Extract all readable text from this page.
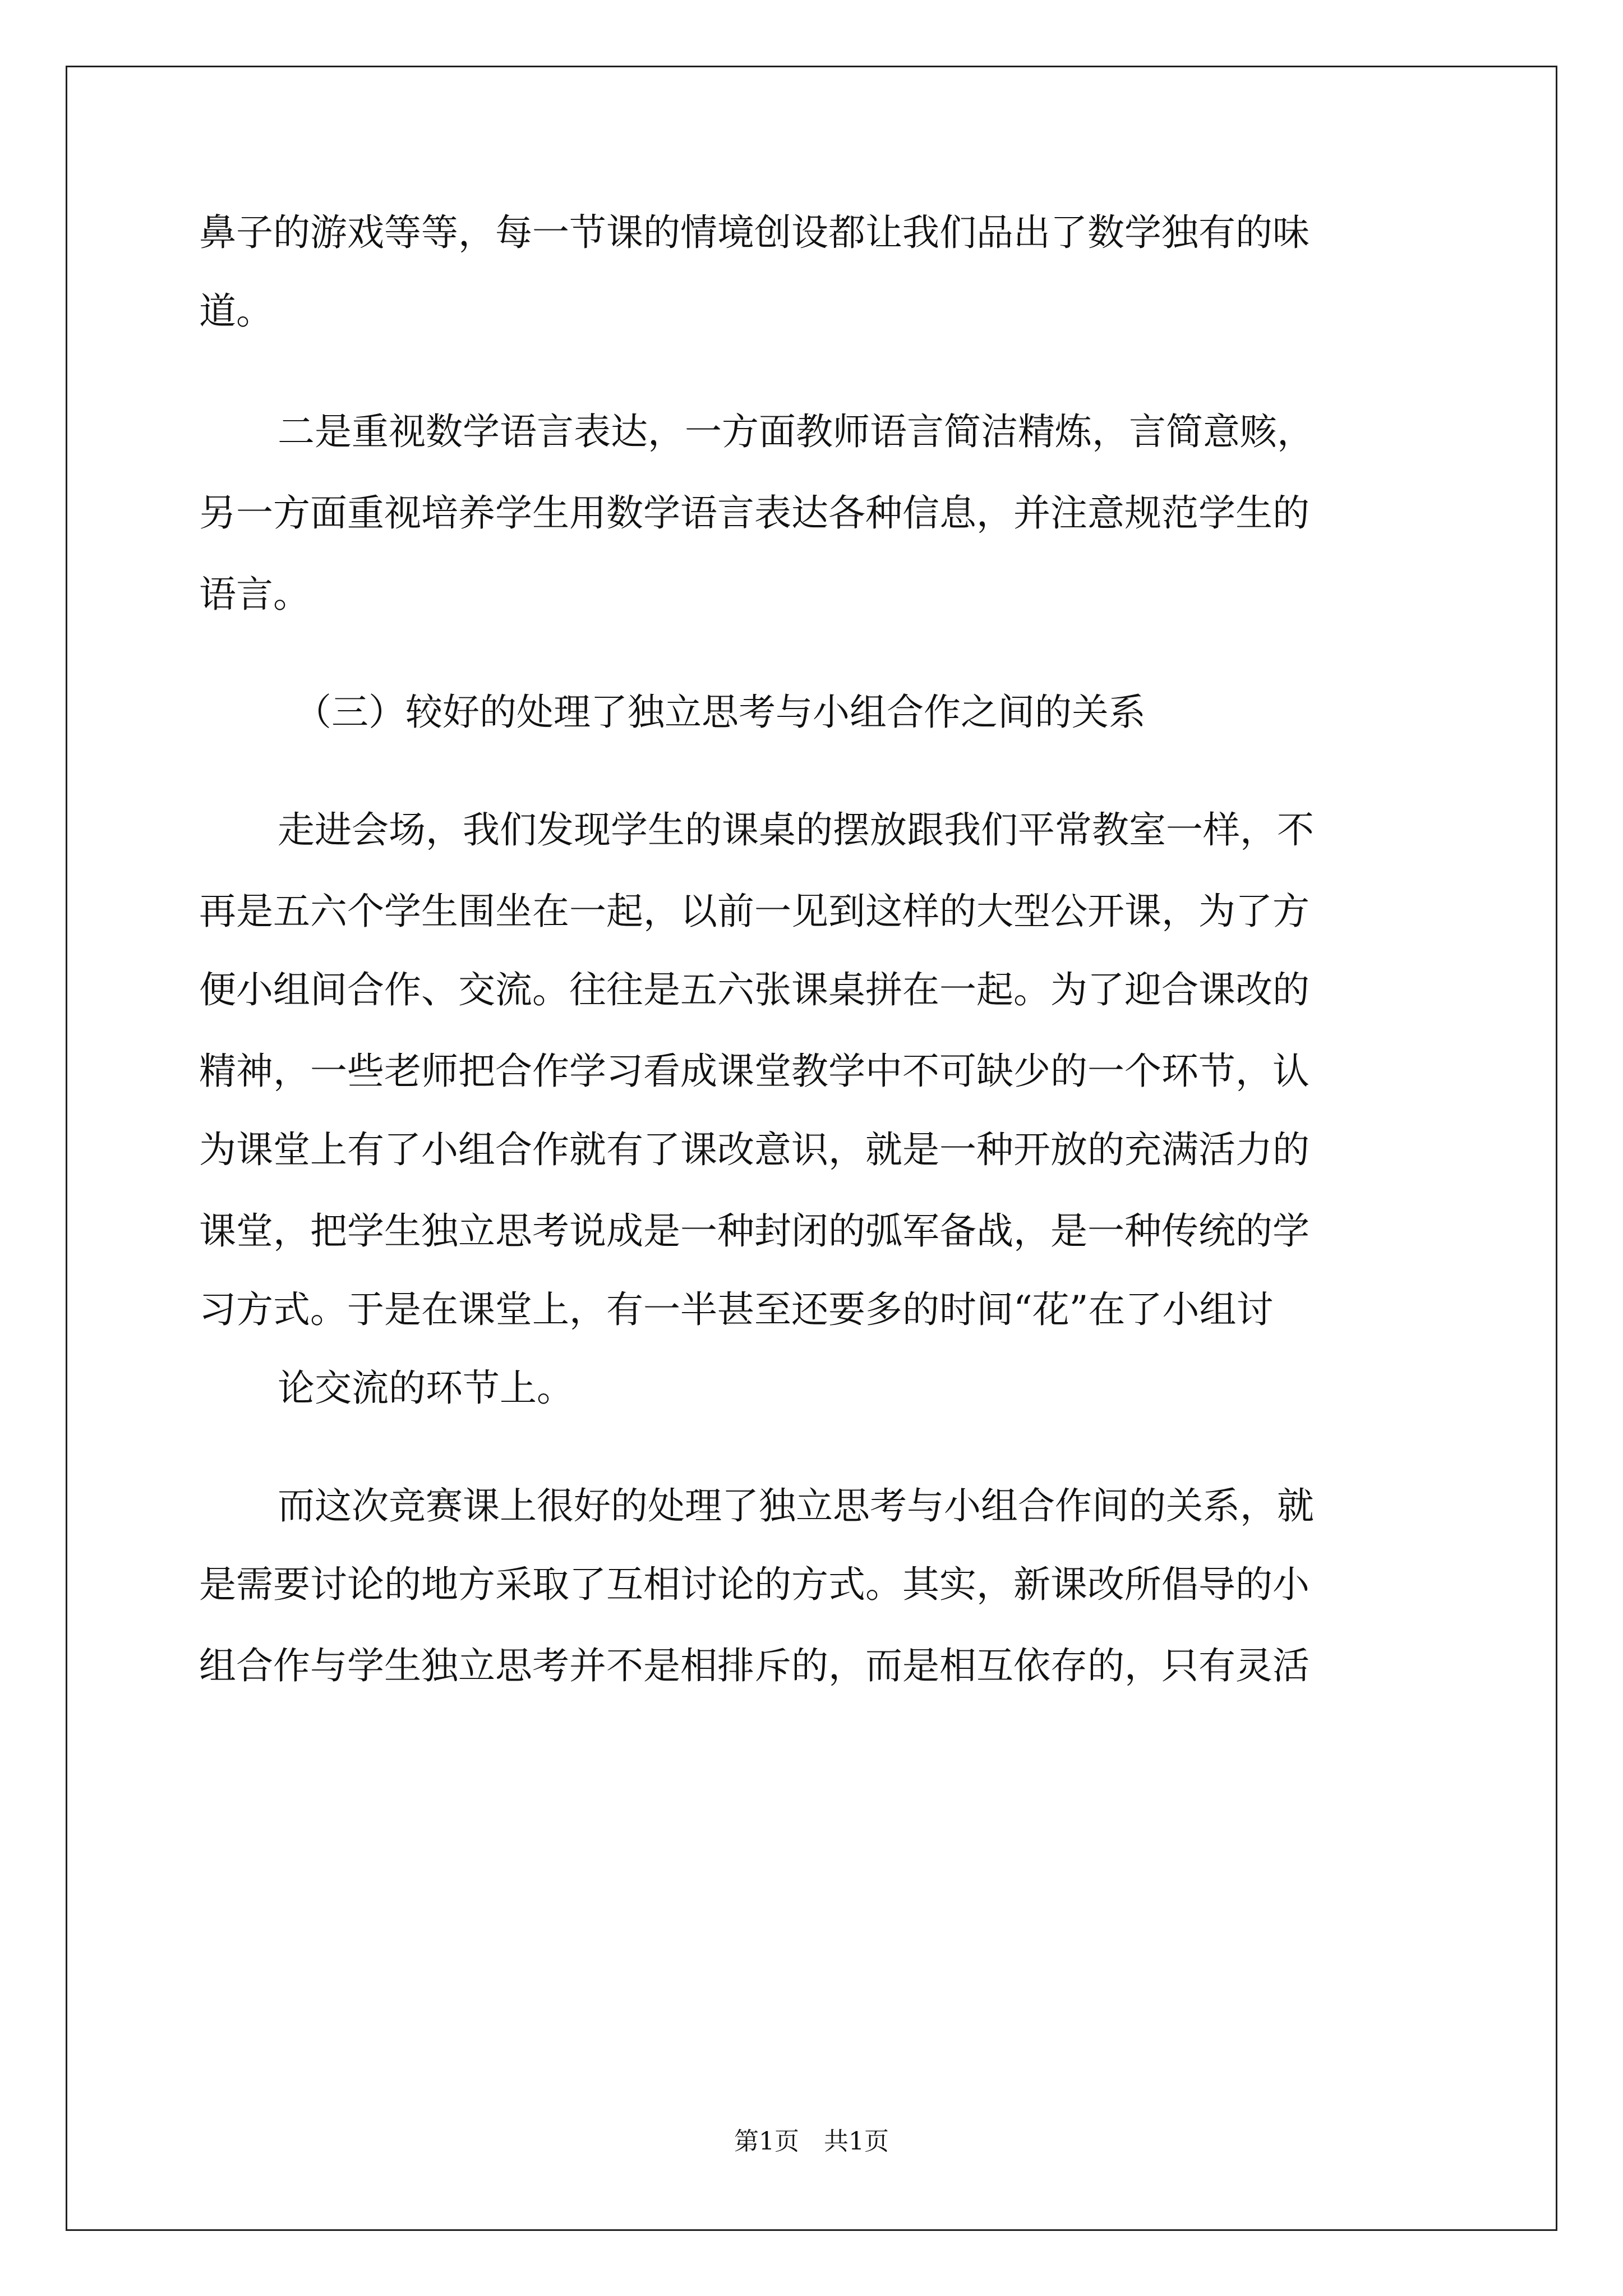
鼻子的游戏等等，每一节课的情境创设都让我们品出了数学独有的味
道。
二是重视数学语言表达，一方面教师语言简洁精炼，言简意赅，
另一方面重视培养学生用数学语言表达各种信息，并注意规范学生的
语言。
（三）较好的处理了独立思考与小组合作之间的关系
走进会场，我们发现学生的课桌的摆放跟我们平常教室一样，不
再是五六个学生围坐在一起，以前一见到这样的大型公开课，为了方
便小组间合作、交流。往往是五六张课桌拼在一起。为了迎合课改的
精神，一些老师把合作学习看成课堂教学中不可缺少的一个环节，认
为课堂上有了小组合作就有了课改意识，就是一种开放的充满活力的
课堂，把学生独立思考说成是一种封闭的弧军备战，是一种传统的学
习方式。于是在课堂上，有一半甚至还要多的时间“花”在了小组讨
论交流的环节上。
而这次竞赛课上很好的处理了独立思考与小组合作间的关系，就
是需要讨论的地方采取了互相讨论的方式。其实，新课改所倡导的小
组合作与学生独立思考并不是相排斥的，而是相互依存的，只有灵活
第1页　共1页
